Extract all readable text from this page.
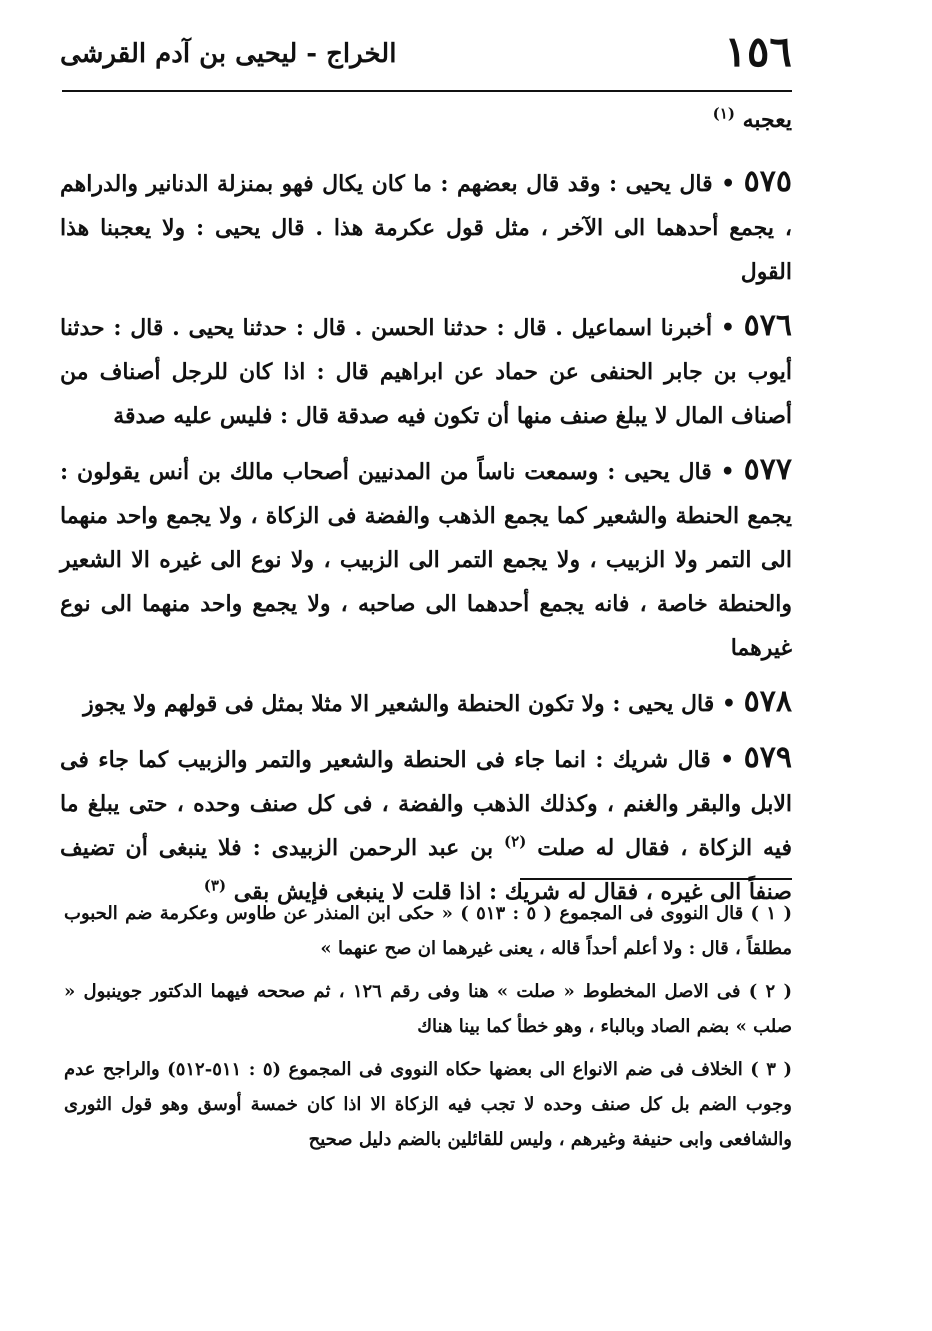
١٥٦
الخراج - ليحيى بن آدم القرشى

يعجبه $^{(١)}$

٥٧٥ • قال يحيى : وقد قال بعضهم : ما كان يكال فهو بمنزلة الدنانير والدراهم ، يجمع أحدهما الى الآخر ، مثل قول عكرمة هذا . قال يحيى : ولا يعجبنا هذا القول

٥٧٦ • أخبرنا اسماعيل . قال : حدثنا الحسن . قال : حدثنا يحيى . قال : حدثنا أيوب بن جابر الحنفى عن حماد عن ابراهيم قال : اذا كان للرجل أصناف من أصناف المال لا يبلغ صنف منها أن تكون فيه صدقة قال : فليس عليه صدقة

٥٧٧ • قال يحيى : وسمعت ناساً من المدنيين أصحاب مالك بن أنس يقولون : يجمع الحنطة والشعير كما يجمع الذهب والفضة فى الزكاة ، ولا يجمع واحد منهما الى التمر ولا الزبيب ، ولا يجمع التمر الى الزبيب ، ولا نوع الى غيره الا الشعير والحنطة خاصة ، فانه يجمع أحدهما الى صاحبه ، ولا يجمع واحد منهما الى نوع غيرهما

٥٧٨ • قال يحيى : ولا تكون الحنطة والشعير الا مثلا بمثل فى قولهم ولا يجوز

٥٧٩ • قال شريك : انما جاء فى الحنطة والشعير والتمر والزبيب كما جاء فى الابل والبقر والغنم ، وكذلك الذهب والفضة ، فى كل صنف وحده ، حتى يبلغ ما فيه الزكاة ، فقال له صلت $^{(٢)}$ بن عبد الرحمن الزبيدى : فلا ينبغى أن تضيف صنفاً الى غيره ، فقال له شريك : اذا قلت لا ينبغى فإيش بقى $^{(٣)}$

( ١ ) قال النووى فى المجموع ( ٥ : ٥١٣ ) « حكى ابن المنذر عن طاوس وعكرمة ضم الحبوب مطلقاً ، قال : ولا أعلم أحداً قاله ، يعنى غيرهما ان صح عنهما »

( ٢ ) فى الاصل المخطوط « صلت » هنا وفى رقم ١٢٦ ، ثم صححه فيهما الدكتور جوينبول « صلب » بضم الصاد وبالباء ، وهو خطأ كما بينا هناك

( ٣ ) الخلاف فى ضم الانواع الى بعضها حكاه النووى فى المجموع (٥ : ٥١١-٥١٢) والراجح عدم وجوب الضم بل كل صنف وحده لا تجب فيه الزكاة الا اذا كان خمسة أوسق وهو قول الثورى والشافعى وابى حنيفة وغيرهم ، وليس للقائلين بالضم دليل صحيح
